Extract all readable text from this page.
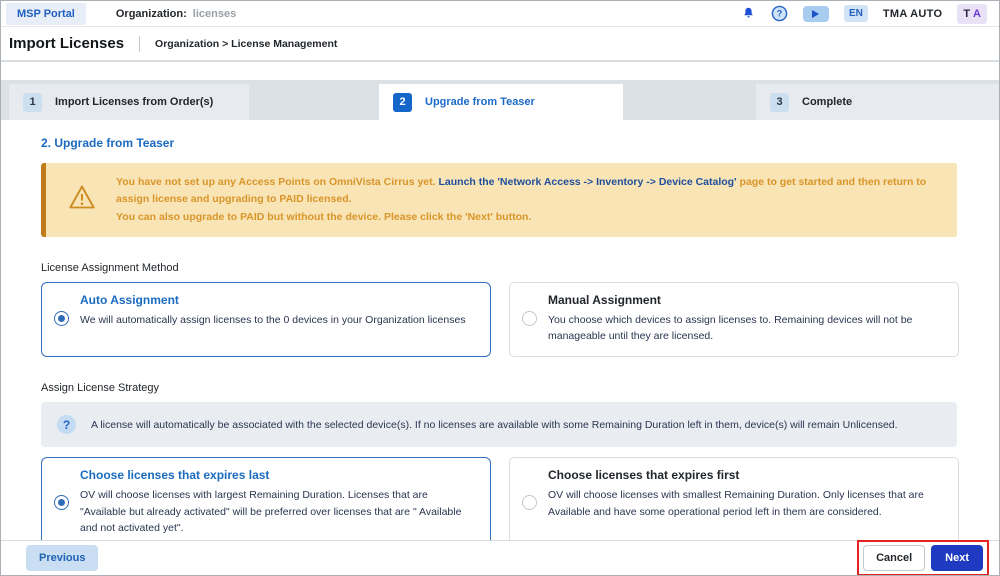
MSP Portal	Organization: licenses	?	EN	TMA AUTO	T A
Import Licenses	Organization > License Management
1	Import Licenses from Order(s)	2	Upgrade from Teaser	3	Complete
2. Upgrade from Teaser
You have not set up any Access Points on OmniVista Cirrus yet. Launch the 'Network Access -> Inventory -> Device Catalog' page to get started and then return to assign license and upgrading to PAID licensed.
You can also upgrade to PAID but without the device. Please click the 'Next' button.
License Assignment Method
Auto Assignment
We will automatically assign licenses to the 0 devices in your Organization licenses
Manual Assignment
You choose which devices to assign licenses to. Remaining devices will not be manageable until they are licensed.
Assign License Strategy
?	A license will automatically be associated with the selected device(s). If no licenses are available with some Remaining Duration left in them, device(s) will remain Unlicensed.
Choose licenses that expires last
OV will choose licenses with largest Remaining Duration. Licenses that are "Available but already activated" will be preferred over licenses that are " Available and not activated yet".
Choose licenses that expires first
OV will choose licenses with smallest Remaining Duration. Only licenses that are Available and have some operational period left in them are considered.
Previous	Cancel	Next
